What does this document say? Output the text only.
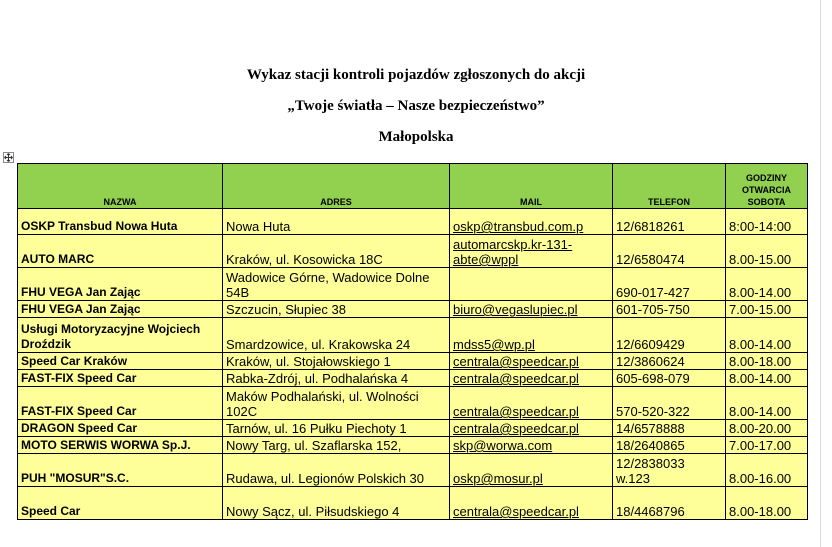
Wykaz stacji kontroli pojazdów zgłoszonych do akcji
„Twoje światła – Nasze bezpieczeństwo”
Małopolska
NAZWA	ADRES	MAIL	TELEFON	GODZINY OTWARCIA SOBOTA
OSKP Transbud Nowa Huta	Nowa Huta	oskp@transbud.com.p	12/6818261	8:00-14:00
AUTO MARC	Kraków, ul. Kosowicka 18C	automarcskp.kr-131-abte@wppl	12/6580474	8.00-15.00
FHU VEGA Jan Zając	Wadowice Górne, Wadowice Dolne 54B		690-017-427	8.00-14.00
FHU VEGA Jan Zając	Szczucin, Słupiec 38	biuro@vegaslupiec.pl	601-705-750	7.00-15.00
Usługi Motoryzacyjne Wojciech Droździk	Smardzowice, ul. Krakowska 24	mdss5@wp.pl	12/6609429	8.00-14.00
Speed Car Kraków	Kraków, ul. Stojałowskiego 1	centrala@speedcar.pl	12/3860624	8.00-18.00
FAST-FIX Speed Car	Rabka-Zdrój, ul. Podhalańska 4	centrala@speedcar.pl	605-698-079	8.00-14.00
FAST-FIX Speed Car	Maków Podhalański, ul. Wolności 102C	centrala@speedcar.pl	570-520-322	8.00-14.00
DRAGON Speed Car	Tarnów, ul. 16 Pułku Piechoty 1	centrala@speedcar.pl	14/6578888	8.00-20.00
MOTO SERWIS WORWA Sp.J.	Nowy Targ, ul. Szaflarska 152,	skp@worwa.com	18/2640865	7.00-17.00
PUH "MOSUR"S.C.	Rudawa, ul. Legionów Polskich 30	oskp@mosur.pl	12/2838033 w.123	8.00-16.00
Speed Car	Nowy Sącz, ul. Piłsudskiego 4	centrala@speedcar.pl	18/4468796	8.00-18.00
